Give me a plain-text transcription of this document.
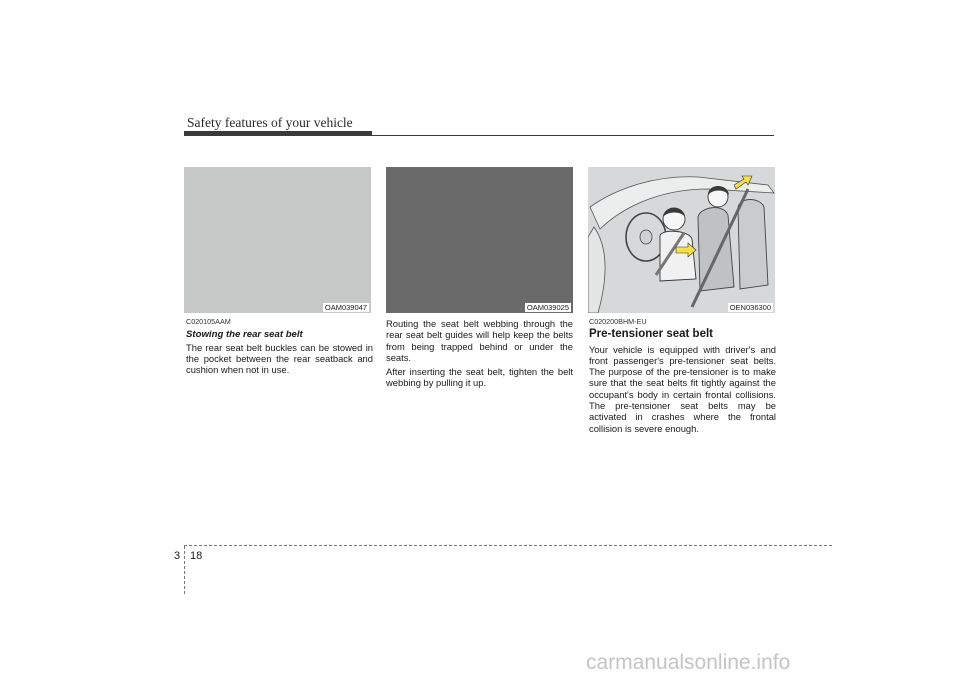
Safety features of your vehicle
OAM039047	OAM039025	OEN036300
C020105AAM
Stowing the rear seat belt

The rear seat belt buckles can be stowed in the pocket between the rear seatback and cushion when not in use.

Routing the seat belt webbing through the rear seat belt guides will help keep the belts from being trapped behind or under the seats.

After inserting the seat belt, tighten the belt webbing by pulling it up.

C020200BHM-EU
Pre-tensioner seat belt

Your vehicle is equipped with driver's and front passenger's pre-tensioner seat belts. The purpose of the pre-tensioner is to make sure that the seat belts fit tightly against the occupant's body in certain frontal collisions. The pre-tensioner seat belts may be activated in crashes where the frontal collision is severe enough.

3 18
carmanualsonline.info
